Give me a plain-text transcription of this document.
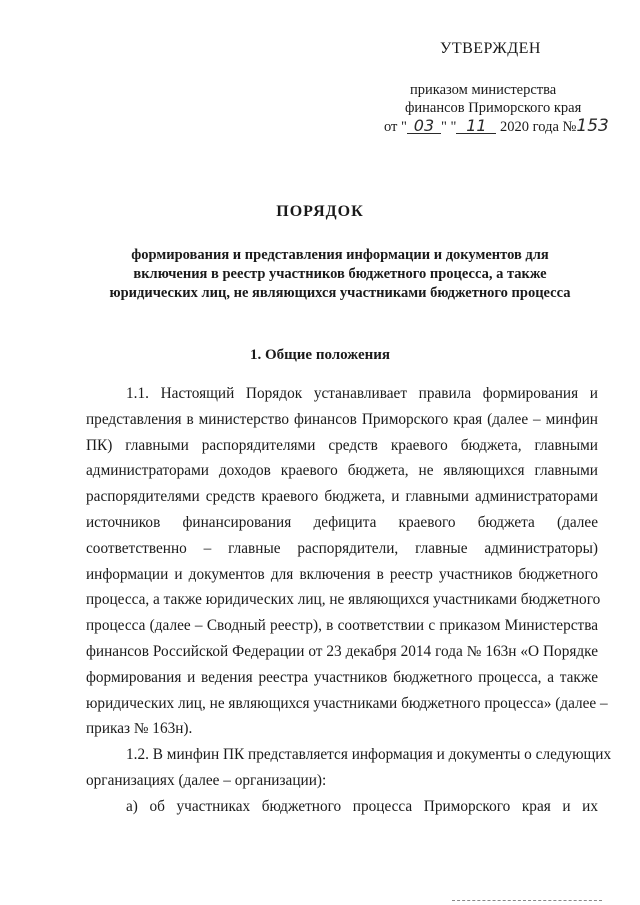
УТВЕРЖДЕН
приказом министерства
финансов Приморского края
от " 03 " " 11 2020 года №153
ПОРЯДОК
формирования и представления информации и документов для
включения в реестр участников бюджетного процесса, а также
юридических лиц, не являющихся участниками бюджетного процесса
1. Общие положения
1.1. Настоящий Порядок устанавливает правила формирования и
представления в министерство финансов Приморского края (далее – минфин
ПК) главными распорядителями средств краевого бюджета, главными
администраторами доходов краевого бюджета, не являющихся главными
распорядителями средств краевого бюджета, и главными администраторами
источников финансирования дефицита краевого бюджета (далее
соответственно – главные распорядители, главные администраторы)
информации и документов для включения в реестр участников бюджетного
процесса, а также юридических лиц, не являющихся участниками бюджетного
процесса (далее – Сводный реестр), в соответствии с приказом Министерства
финансов Российской Федерации от 23 декабря 2014 года № 163н «О Порядке
формирования и ведения реестра участников бюджетного процесса, а также
юридических лиц, не являющихся участниками бюджетного процесса» (далее –
приказ № 163н).
1.2. В минфин ПК представляется информация и документы о следующих
организациях (далее – организации):
а) об участниках бюджетного процесса Приморского края и их
